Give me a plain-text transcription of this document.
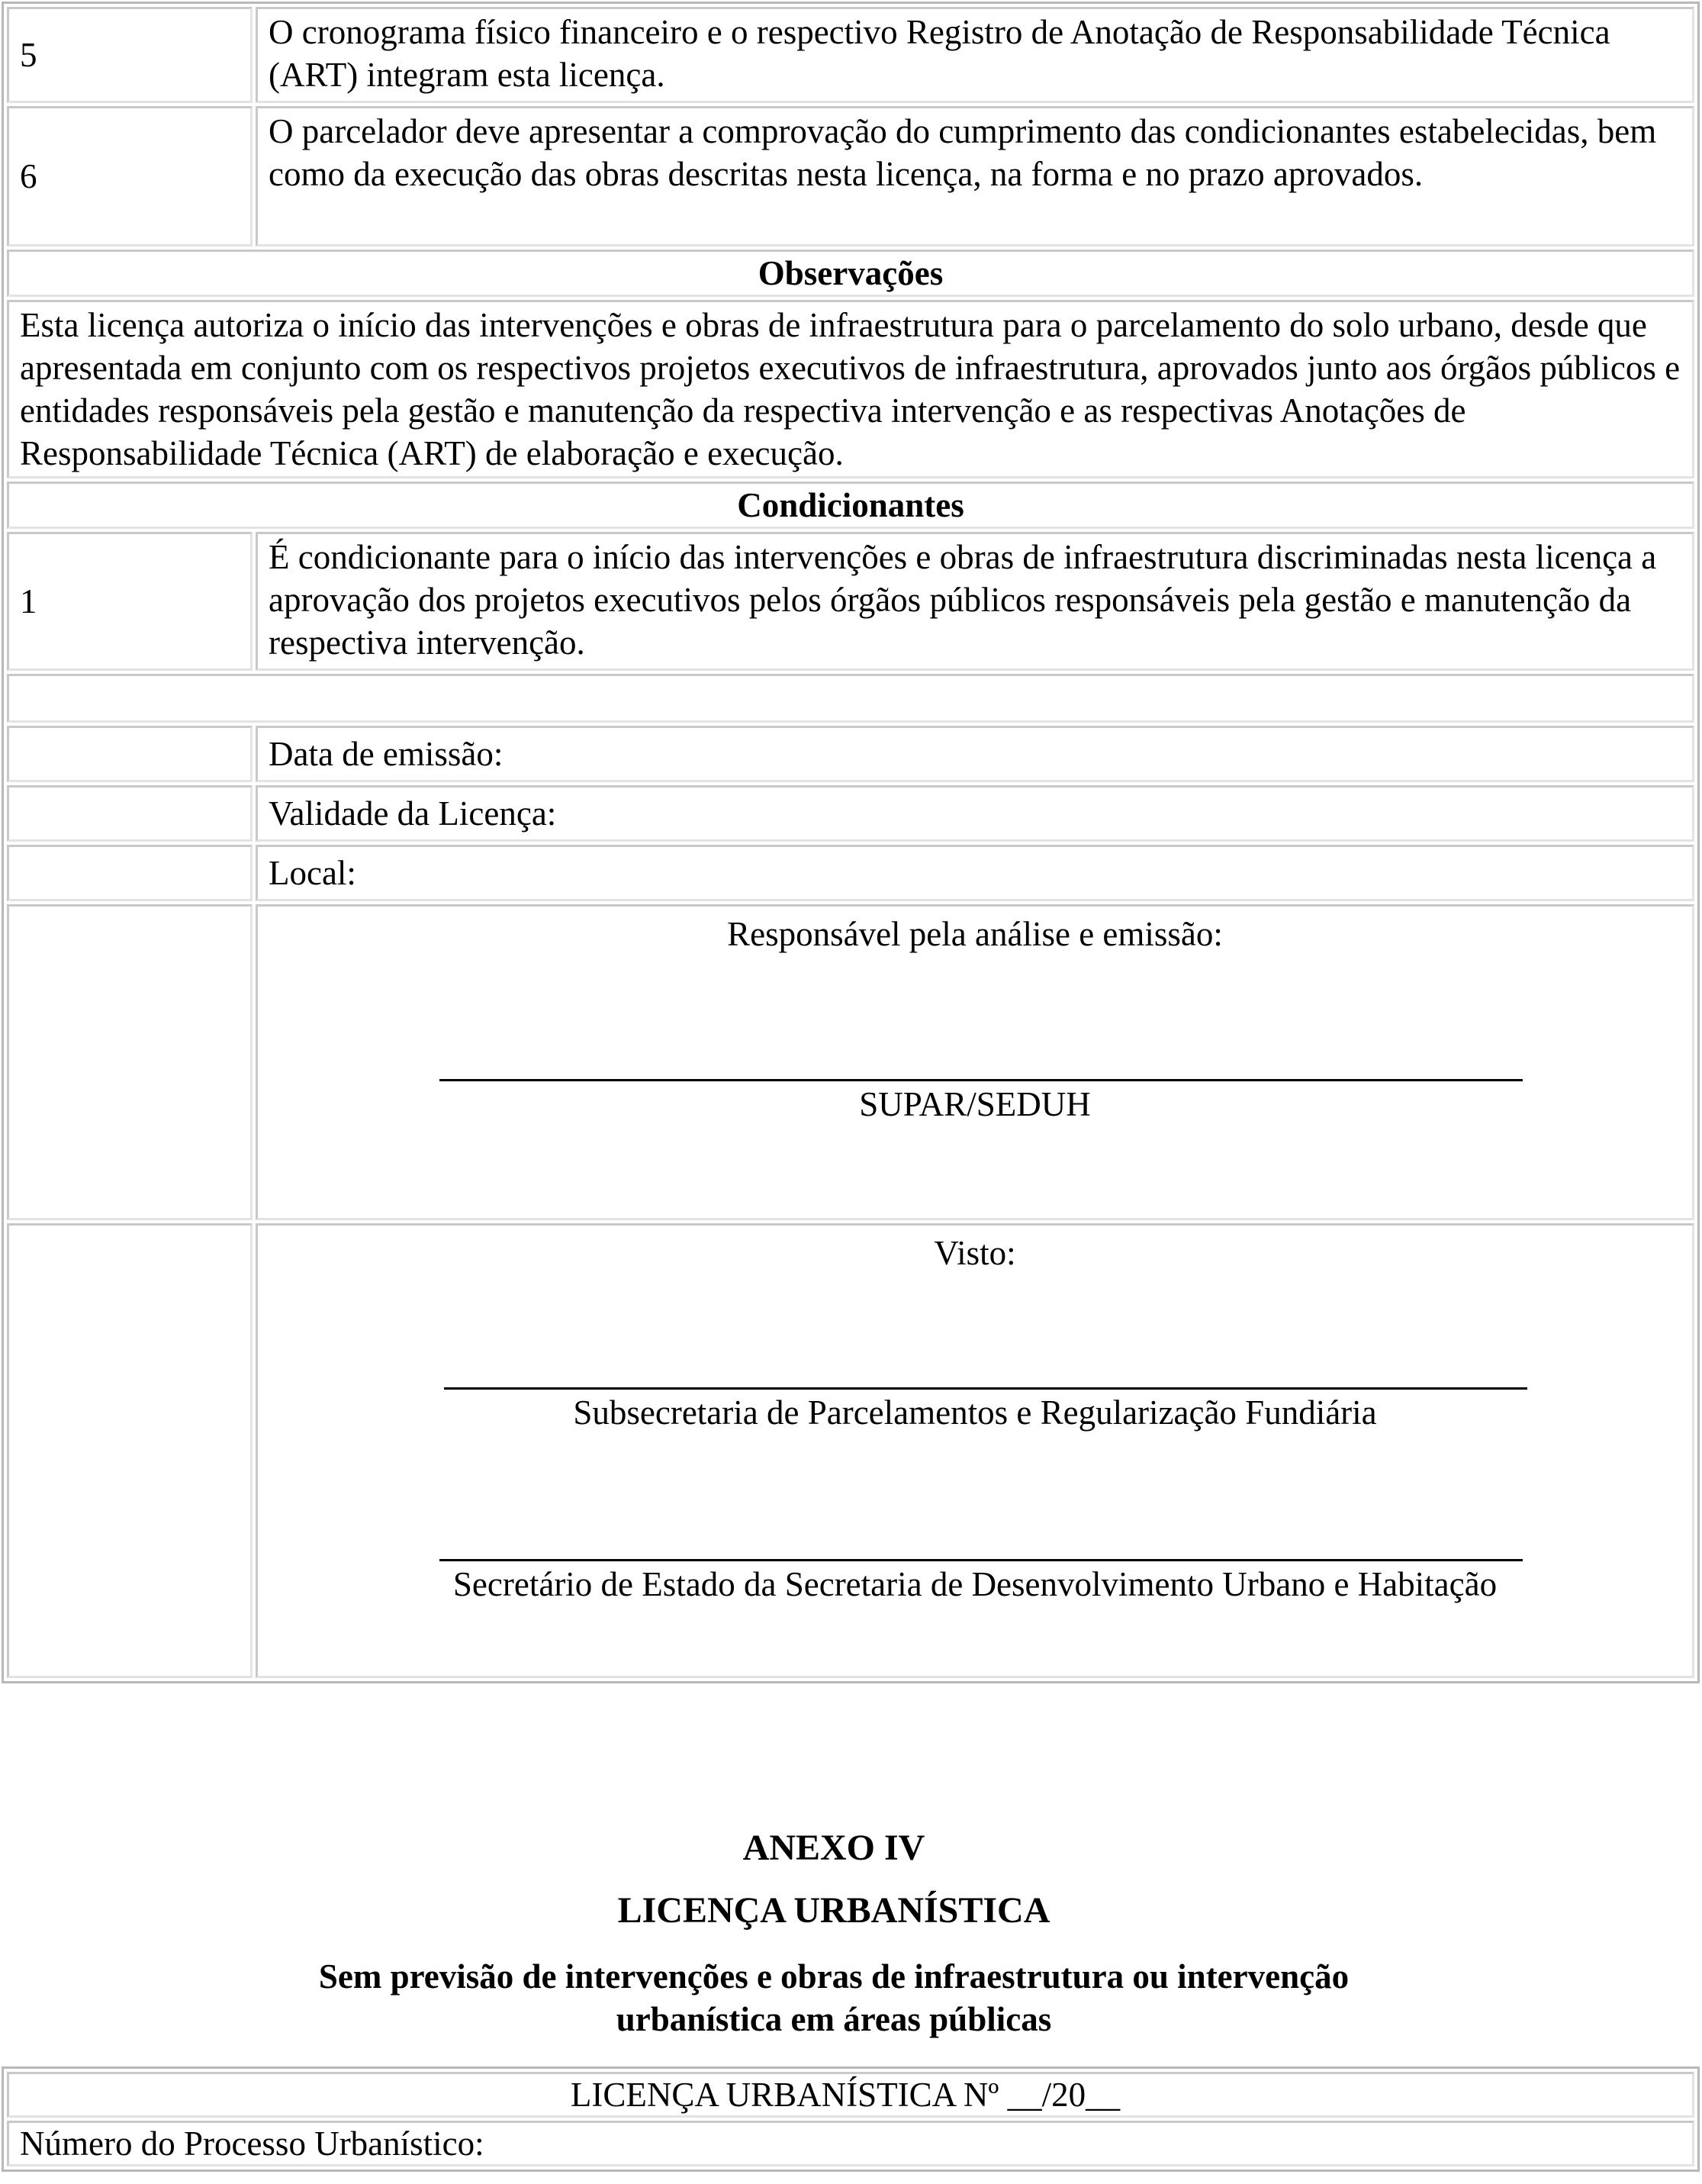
5	O cronograma físico financeiro e o respectivo Registro de Anotação de Responsabilidade Técnica (ART) integram esta licença.
6	O parcelador deve apresentar a comprovação do cumprimento das condicionantes estabelecidas, bem como da execução das obras descritas nesta licença, na forma e no prazo aprovados.
Observações	
Esta licença autoriza o início das intervenções e obras de infraestrutura para o parcelamento do solo urbano, desde que apresentada em conjunto com os respectivos projetos executivos de infraestrutura, aprovados junto aos órgãos públicos e entidades responsáveis pela gestão e manutenção da respectiva intervenção e as respectivas Anotações de Responsabilidade Técnica (ART) de elaboração e execução.	
Condicionantes	
1	É condicionante para o início das intervenções e obras de infraestrutura discriminadas nesta licença a aprovação dos projetos executivos pelos órgãos públicos responsáveis pela gestão e manutenção da respectiva intervenção.

	Data de emissão:
	Validade da Licença:
	Local:

	Responsável pela análise e emissão:
SUPAR/SEDUH

	Visto:
Subsecretaria de Parcelamentos e Regularização Fundiária
Secretário de Estado da Secretaria de Desenvolvimento Urbano e Habitação
ANEXO IV
LICENÇA URBANÍSTICA
Sem previsão de intervenções e obras de infraestrutura ou intervenção
urbanística em áreas públicas
LICENÇA URBANÍSTICA Nº __/20__
Número do Processo Urbanístico:
